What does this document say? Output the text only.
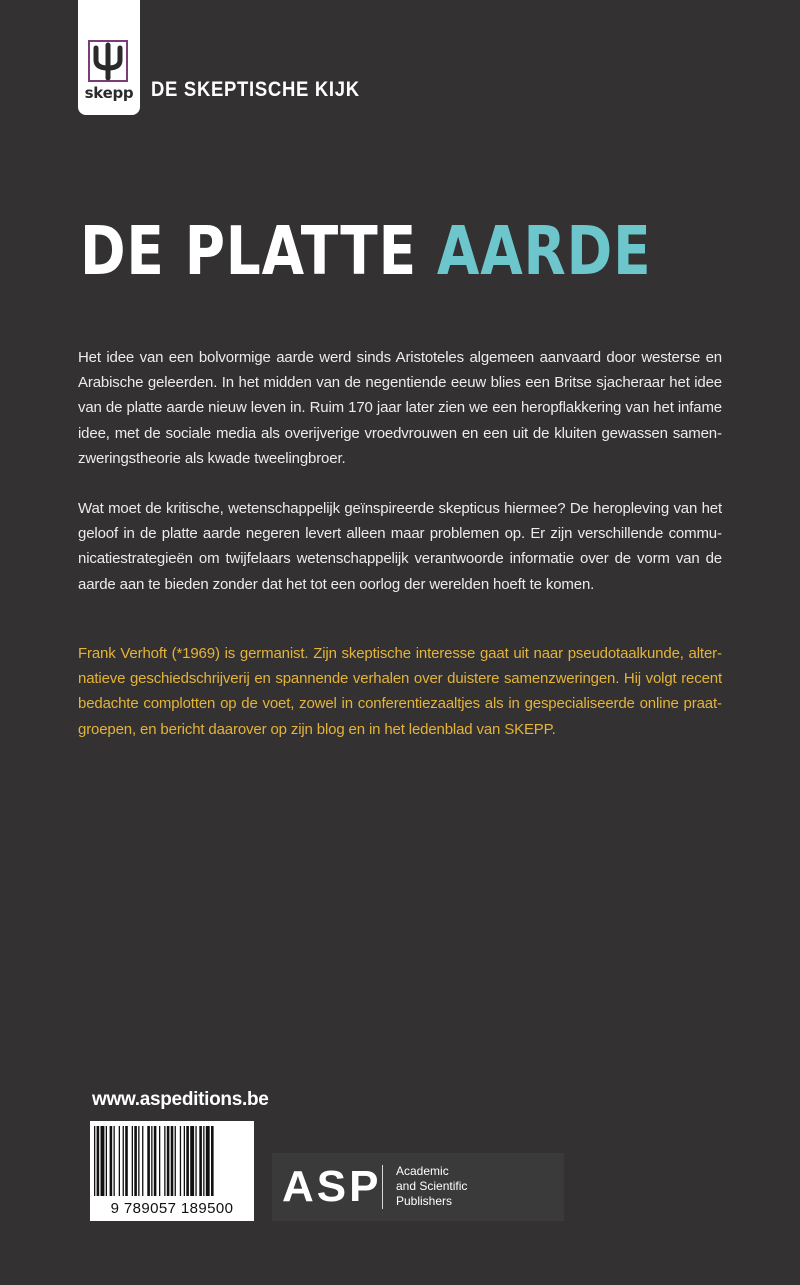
skepp DE SKEPTISCHE KIJK
DE PLATTE AARDE

Het idee van een bolvormige aarde werd sinds Aristoteles algemeen aanvaard door westerse en Arabische geleerden. In het midden van de negentiende eeuw blies een Britse sjacheraar het idee van de platte aarde nieuw leven in. Ruim 170 jaar later zien we een heropflakkering van het infame idee, met de sociale media als overijverige vroedvrouwen en een uit de kluiten gewassen samenzweringstheorie als kwade tweelingbroer.

Wat moet de kritische, wetenschappelijk geïnspireerde skepticus hiermee? De heropleving van het geloof in de platte aarde negeren levert alleen maar problemen op. Er zijn verschillende communicatiestrategieën om twijfelaars wetenschappelijk verantwoorde informatie over de vorm van de aarde aan te bieden zonder dat het tot een oorlog der werelden hoeft te komen.

Frank Verhoft (*1969) is germanist. Zijn skeptische interesse gaat uit naar pseudotaalkunde, alternatieve geschiedschrijverij en spannende verhalen over duistere samenzweringen. Hij volgt recent bedachte complotten op de voet, zowel in conferentiezaaltjes als in gespecialiseerde online praatgroepen, en bericht daarover op zijn blog en in het ledenblad van SKEPP.

www.aspeditions.be
9 789057 189500	ASP Academic
and Scientific
Publishers
